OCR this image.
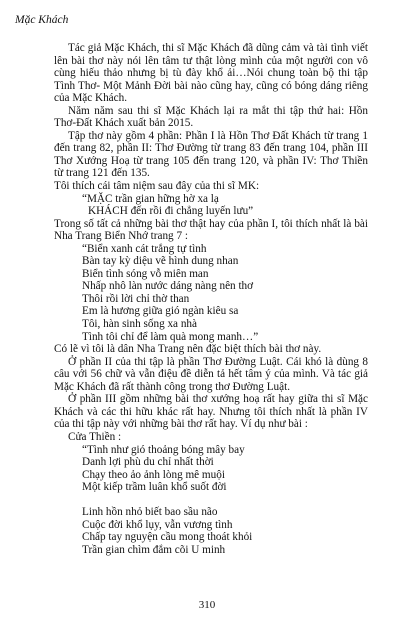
Mặc Khách

Tác giả Mặc Khách, thi sĩ Mặc Khách đã dũng cảm và tài tình viết lên bài thơ này nói lên tâm tư thật lòng mình của một người con vô cùng hiếu thảo nhưng bị tù đày khổ ải…Nói chung toàn bộ thi tập Tình Thơ- Một Mảnh Đời bài nào cũng hay, cũng có bóng dáng riêng của Mặc Khách.

Năm năm sau thi sĩ Mặc Khách lại ra mắt thi tập thứ hai: Hồn Thơ-Đất Khách xuất bản 2015.

Tập thơ này gồm 4 phần: Phần I là Hồn Thơ Đất Khách từ trang 1 đến trang 82, phần II: Thơ Đường từ trang 83 đến trang 104, phần III Thơ Xướng Hoạ từ trang 105 đến trang 120, và phần IV: Thơ Thiền từ trang 121 đến 135.

Tôi thích cái tâm niệm sau đây của thi sĩ MK:

“MẶC trần gian hững hờ xa lạ

KHÁCH đến rồi đi chẳng luyến lưu”

Trong số tất cả những bài thơ thật hay của phần I, tôi thích nhất là bài Nha Trang Biển Nhớ trang 7 :

“Biển xanh cát trắng tự tình

Bàn tay kỳ diệu vẽ hình dung nhan

Biển tình sóng vỗ miên man

Nhấp nhô làn nước dáng nàng nên thơ

Thôi rồi lời chỉ thờ than

Em là hương giữa gió ngàn kiêu sa

Tôi, hàn sinh sống xa nhà

Tình tôi chỉ để làm quà mong manh…”

Có lẽ vì tôi là dân Nha Trang nên đặc biệt thích bài thơ này.

Ở phần II của thi tập là phần Thơ Đường Luật. Cái khó là dùng 8 câu với 56 chữ và vẫn điệu đề diễn tả hết tâm ý của mình. Và tác giả Mặc Khách đã rất thành công trong thơ Đường Luật.

Ở phần III gồm những bài thơ xướng hoạ rất hay giữa thi sĩ Mặc Khách và các thi hữu khác rất hay. Nhưng tôi thích nhất là phần IV của thi tập này với những bài thơ rất hay. Ví dụ như bài :

Cửa Thiền :

“Tình như gió thoảng bóng mây bay

Danh lợi phù du chỉ nhất thời

Chạy theo ảo ảnh lòng mê muội

Một kiếp trầm luân khổ suốt đời

Linh hồn nhỏ biết bao sầu não

Cuộc đời khổ lụy, vẫn vương tình

Chấp tay nguyện cầu mong thoát khỏi

Trần gian chìm đắm cõi U minh

310
